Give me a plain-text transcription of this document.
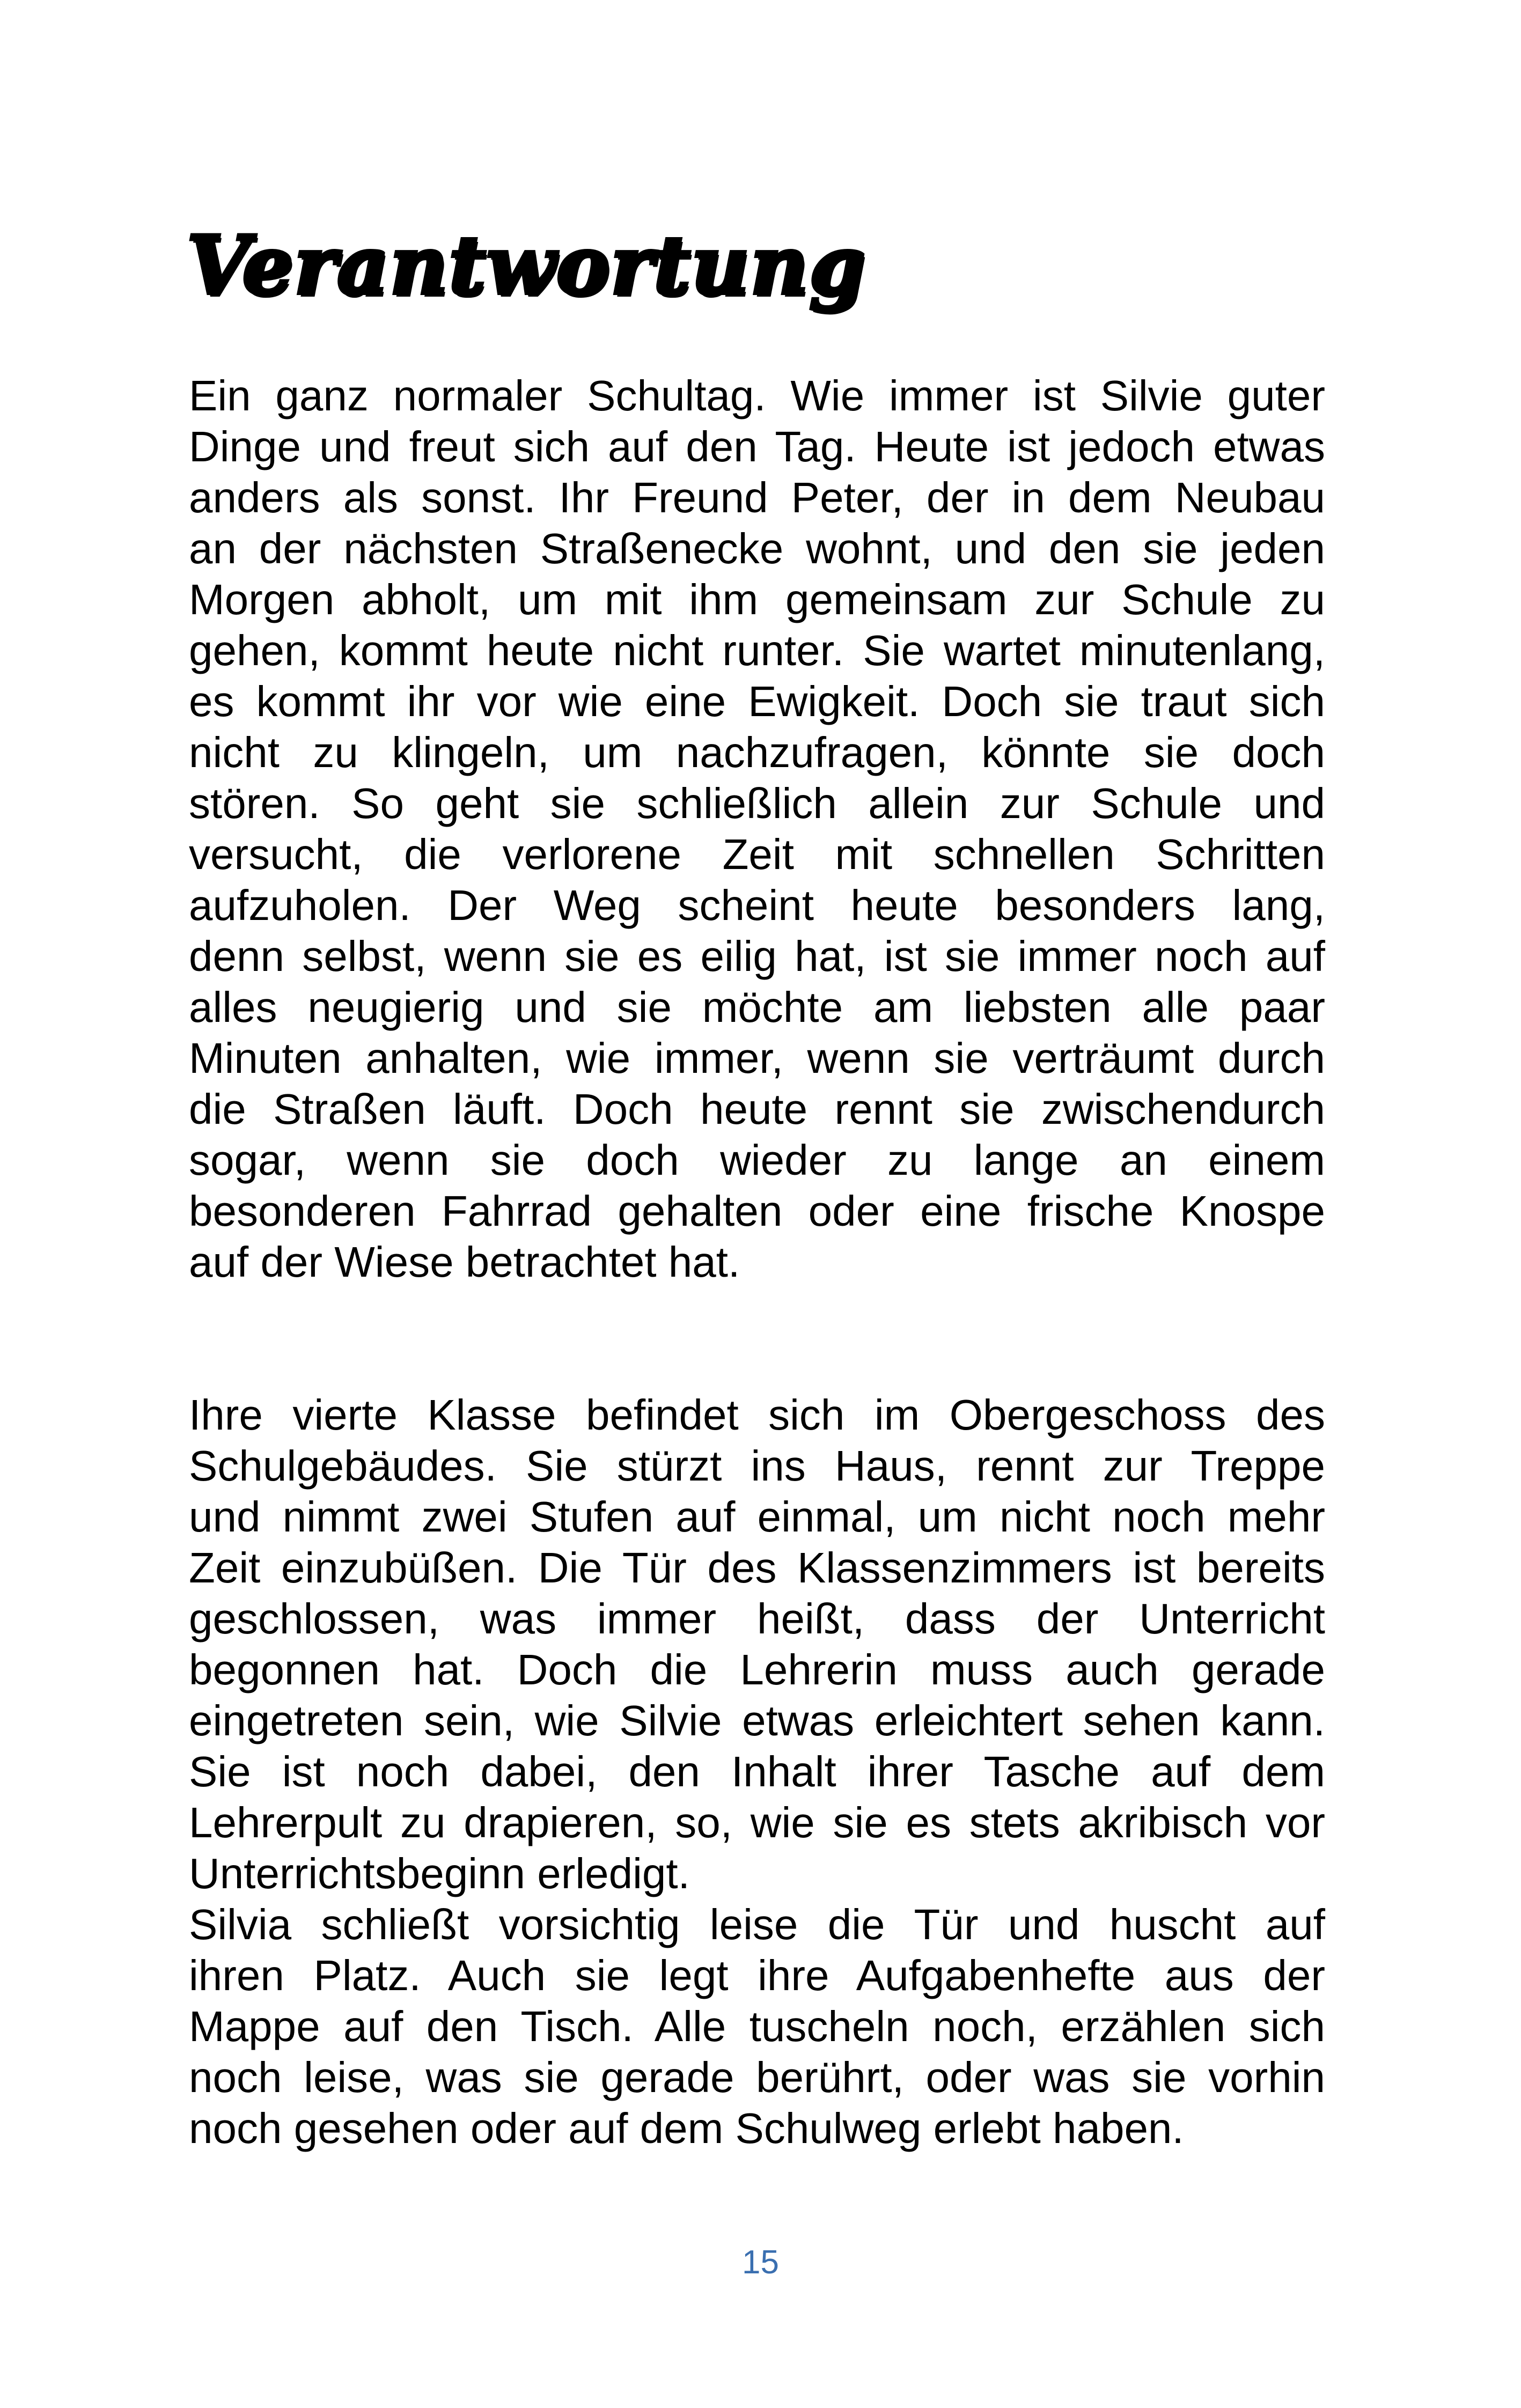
Verantwortung
Ein ganz normaler Schultag. Wie immer ist Silvie guter
Dinge und freut sich auf den Tag. Heute ist jedoch etwas
anders als sonst. Ihr Freund Peter, der in dem Neubau
an der nächsten Straßenecke wohnt, und den sie jeden
Morgen abholt, um mit ihm gemeinsam zur Schule zu
gehen, kommt heute nicht runter. Sie wartet minutenlang,
es kommt ihr vor wie eine Ewigkeit. Doch sie traut sich
nicht zu klingeln, um nachzufragen, könnte sie doch
stören. So geht sie schließlich allein zur Schule und
versucht, die verlorene Zeit mit schnellen Schritten
aufzuholen. Der Weg scheint heute besonders lang,
denn selbst, wenn sie es eilig hat, ist sie immer noch auf
alles neugierig und sie möchte am liebsten alle paar
Minuten anhalten, wie immer, wenn sie verträumt durch
die Straßen läuft. Doch heute rennt sie zwischendurch
sogar, wenn sie doch wieder zu lange an einem
besonderen Fahrrad gehalten oder eine frische Knospe
auf der Wiese betrachtet hat.
Ihre vierte Klasse befindet sich im Obergeschoss des
Schulgebäudes. Sie stürzt ins Haus, rennt zur Treppe
und nimmt zwei Stufen auf einmal, um nicht noch mehr
Zeit einzubüßen. Die Tür des Klassenzimmers ist bereits
geschlossen, was immer heißt, dass der Unterricht
begonnen hat. Doch die Lehrerin muss auch gerade
eingetreten sein, wie Silvie etwas erleichtert sehen kann.
Sie ist noch dabei, den Inhalt ihrer Tasche auf dem
Lehrerpult zu drapieren, so, wie sie es stets akribisch vor
Unterrichtsbeginn erledigt.
Silvia schließt vorsichtig leise die Tür und huscht auf
ihren Platz. Auch sie legt ihre Aufgabenhefte aus der
Mappe auf den Tisch. Alle tuscheln noch, erzählen sich
noch leise, was sie gerade berührt, oder was sie vorhin
noch gesehen oder auf dem Schulweg erlebt haben.
15
